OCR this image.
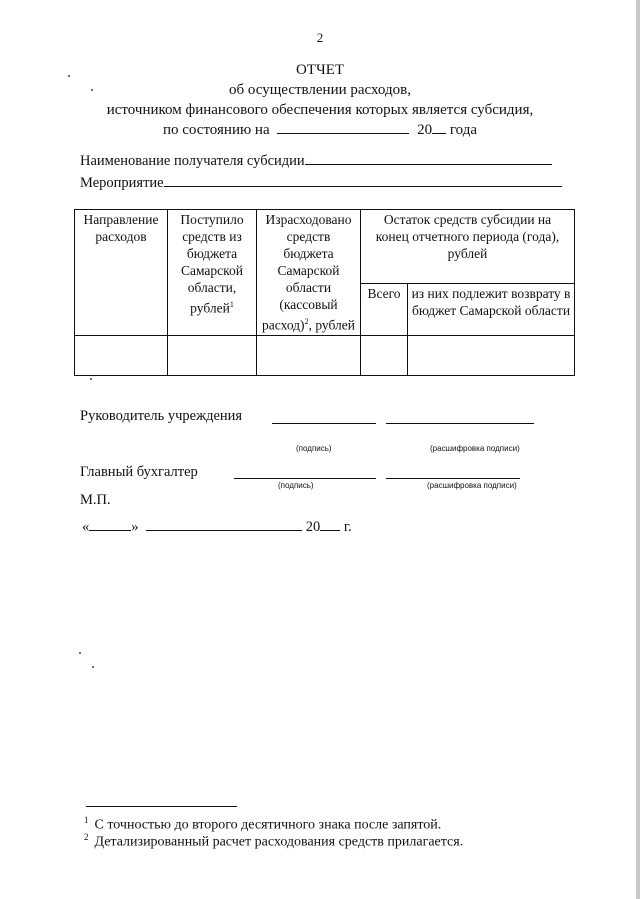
2
ОТЧЕТ
об осуществлении расходов,
источником финансового обеспечения которых является субсидия,
по состоянию на	20 года
Наименование получателя субсидии
Мероприятие
Направление расходов	Поступило средств из бюджета Самарской области, рублей$^1$	Израсходовано средств бюджета Самарской области (кассовый расход)$^2$, рублей	Остаток средств субсидии на конец отчетного периода (года), рублей	
			Всего	из них подлежит возврату в бюджет Самарской области

Руководитель учреждения
(подпись)	(расшифровка подписи)
Главный бухгалтер
(подпись)	(расшифровка подписи)
М.П.
«	»	20 г.
$^1$ С точностью до второго десятичного знака после запятой.
$^2$ Детализированный расчет расходования средств прилагается.
